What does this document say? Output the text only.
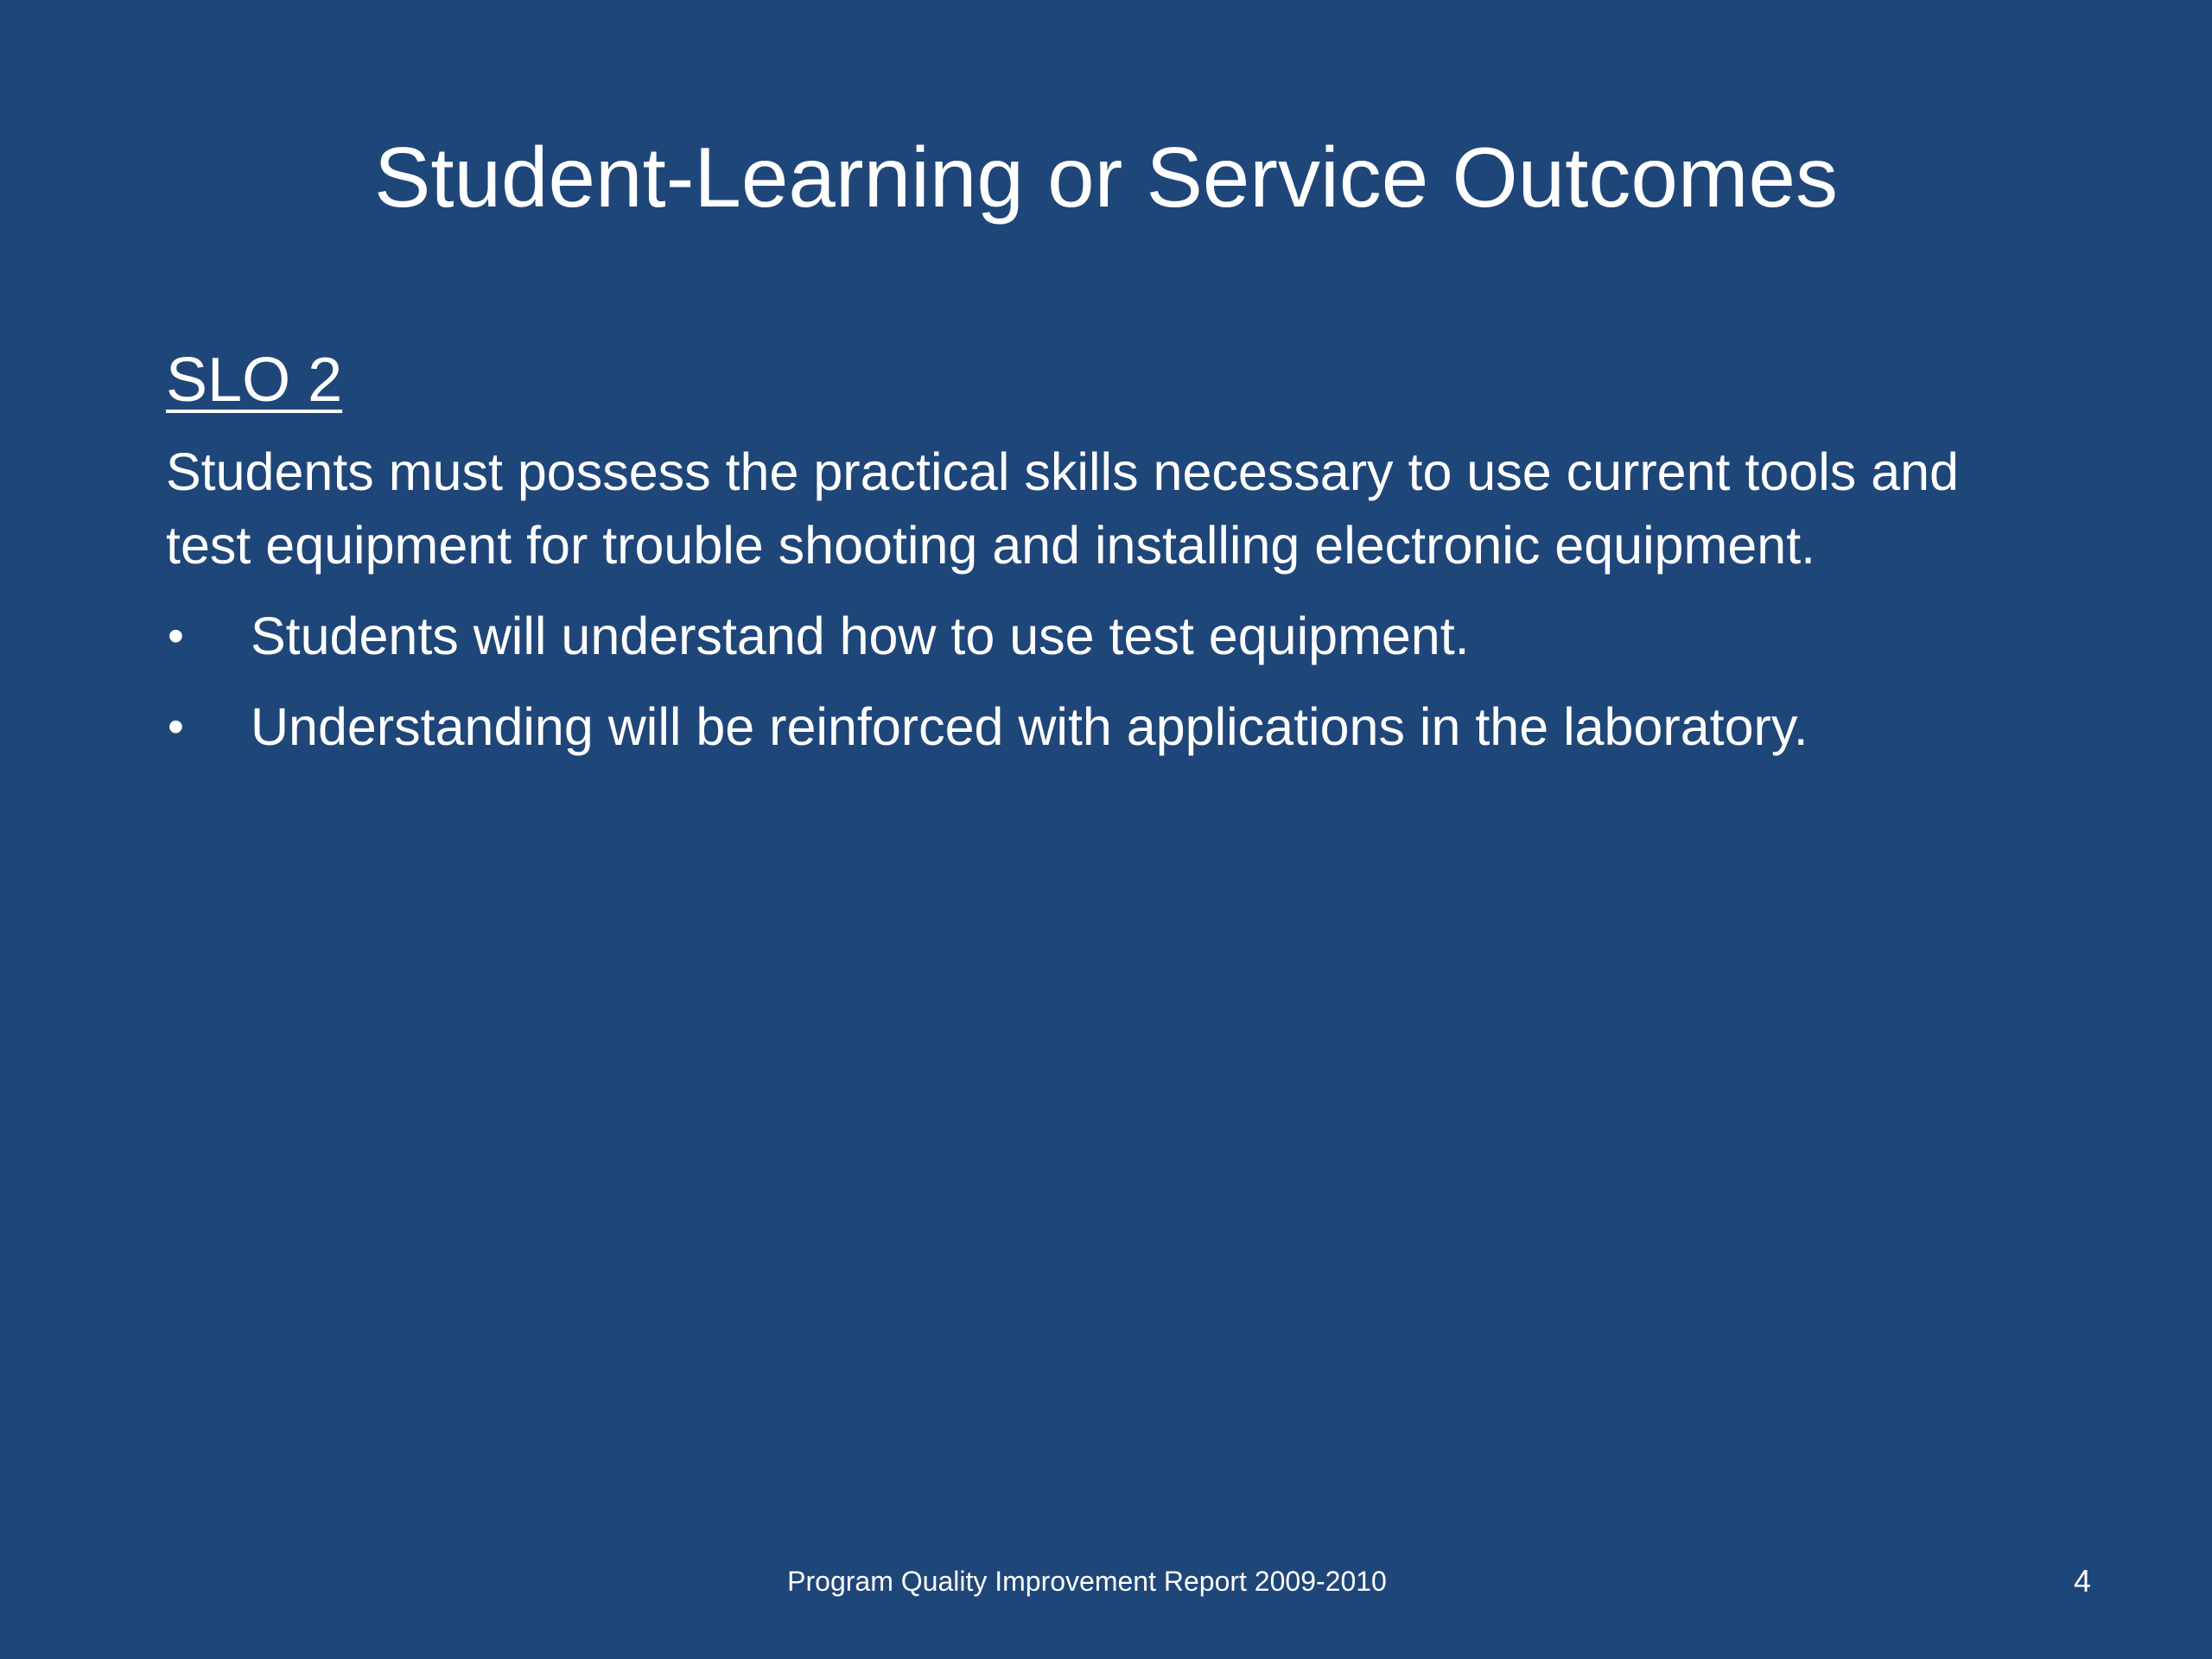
Student-Learning or Service Outcomes

SLO 2

Students must possess the practical skills necessary to use current tools and test equipment for trouble shooting and installing electronic equipment.

•	Students will understand how to use test equipment.
•	Understanding will be reinforced with applications in the laboratory.
Program Quality Improvement Report 2009-2010	4
